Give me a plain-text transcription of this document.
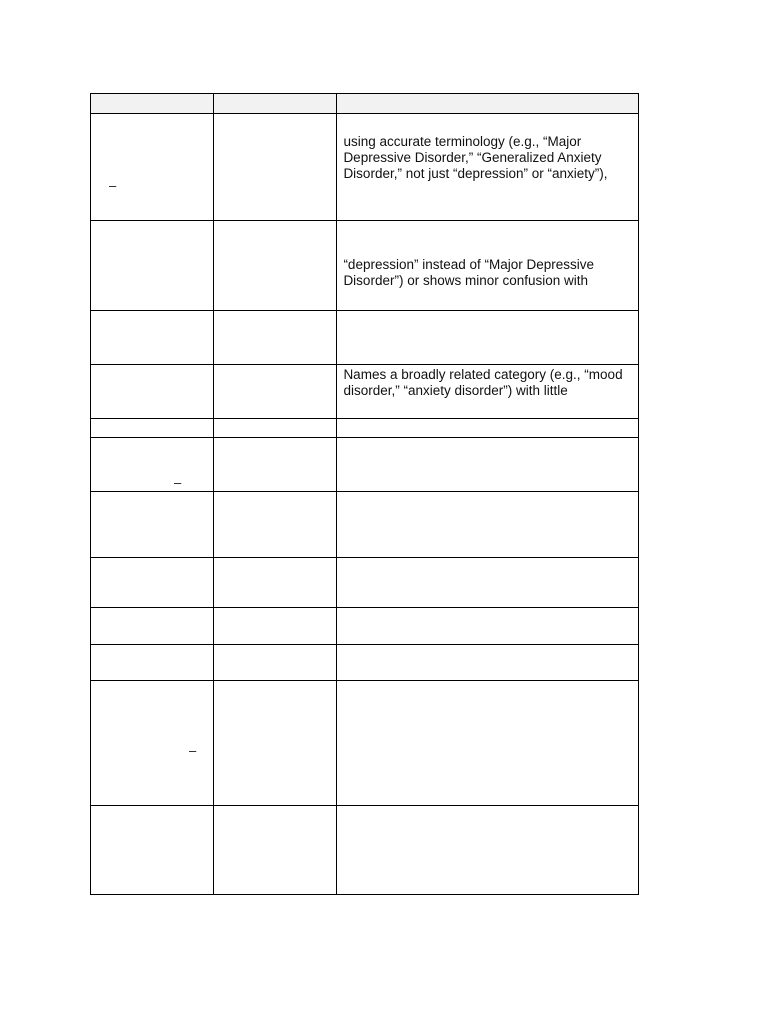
–		using accurate terminology (e.g., “Major Depressive Disorder,” “Generalized Anxiety Disorder,” not just “depression” or “anxiety”),

		“depression” instead of “Major Depressive Disorder”) or shows minor confusion with

		Names a broadly related category (e.g., “mood disorder,” “anxiety disorder”) with little

–		

–		
